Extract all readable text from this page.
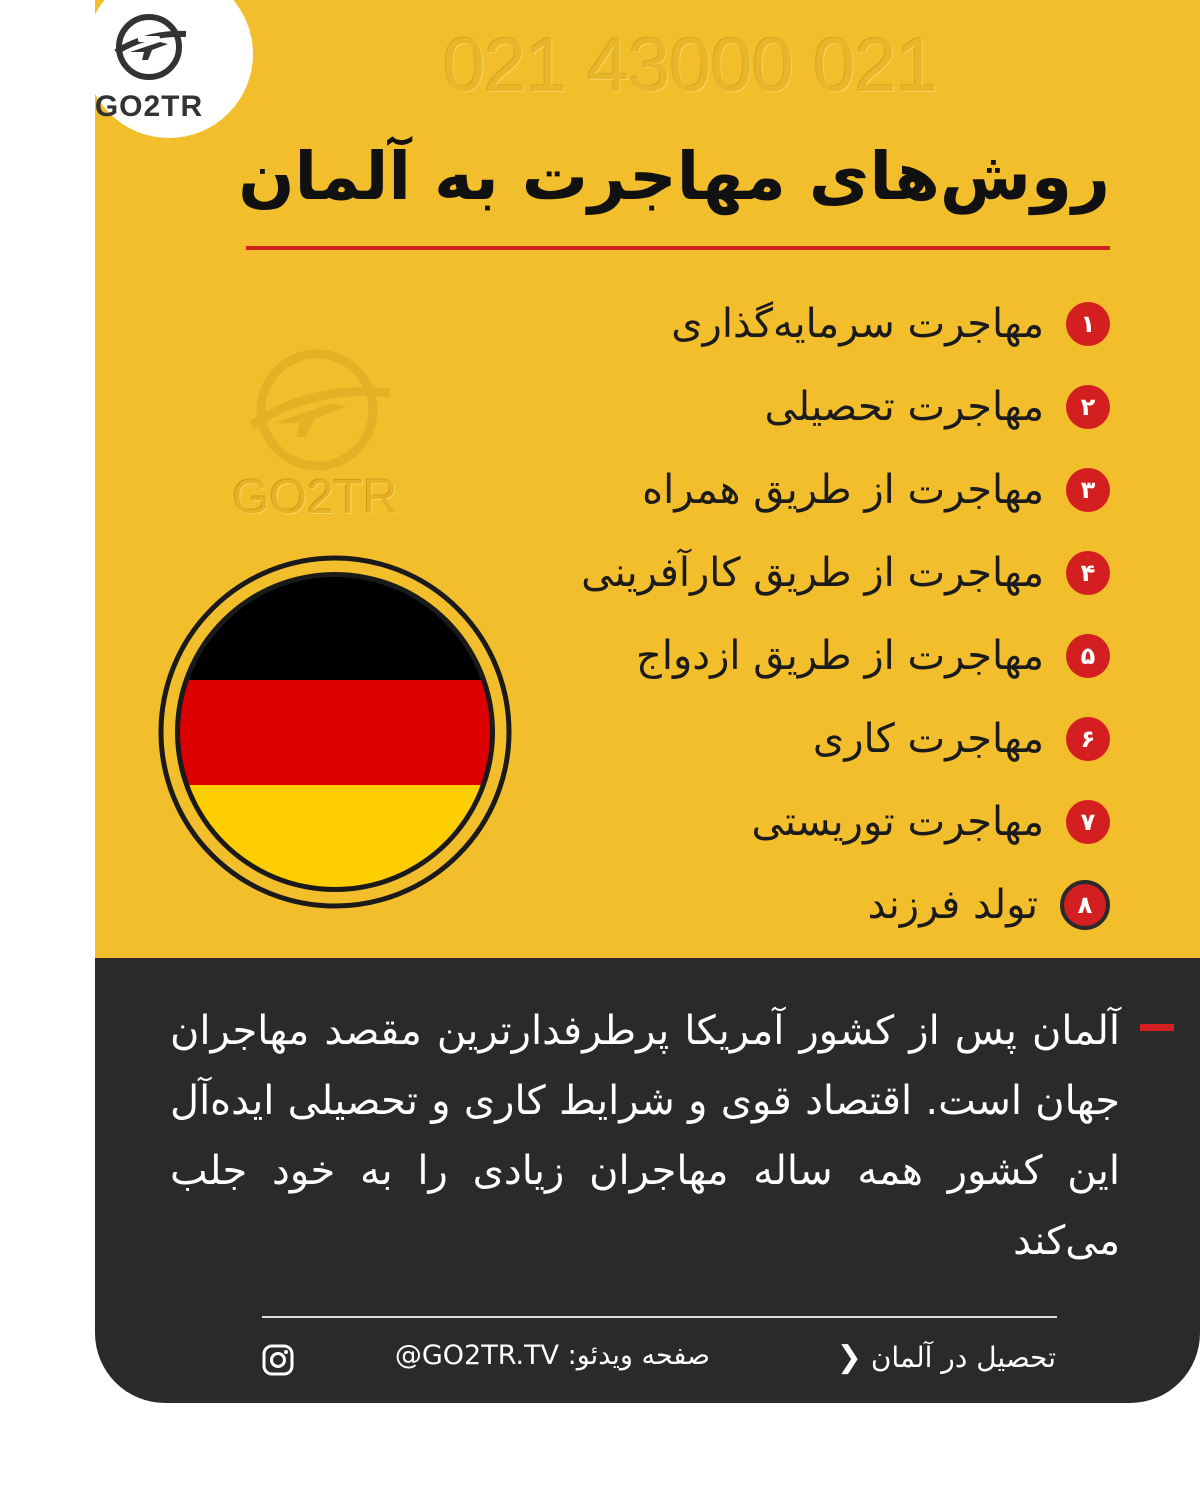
GO2TR	021 43000 021
روش‌های مهاجرت به آلمان
۱
مهاجرت سرمایه‌گذاری
۲
مهاجرت تحصیلی
۳
مهاجرت از طریق همراه
۴
مهاجرت از طریق کارآفرینی
۵
مهاجرت از طریق ازدواج
۶
مهاجرت کاری
۷
مهاجرت توریستی
۸
تولد فرزند
GO2TR
آلمان پس از کشور آمریکا پرطرفدارترین مقصد مهاجران جهان است. اقتصاد قوی و شرایط کاری و تحصیلی ایده‌آل این کشور همه ساله مهاجران زیادی را به خود جلب می‌کند
تحصیل در آلمان ❮
صفحه ویدئو: GO2TR.TV@
